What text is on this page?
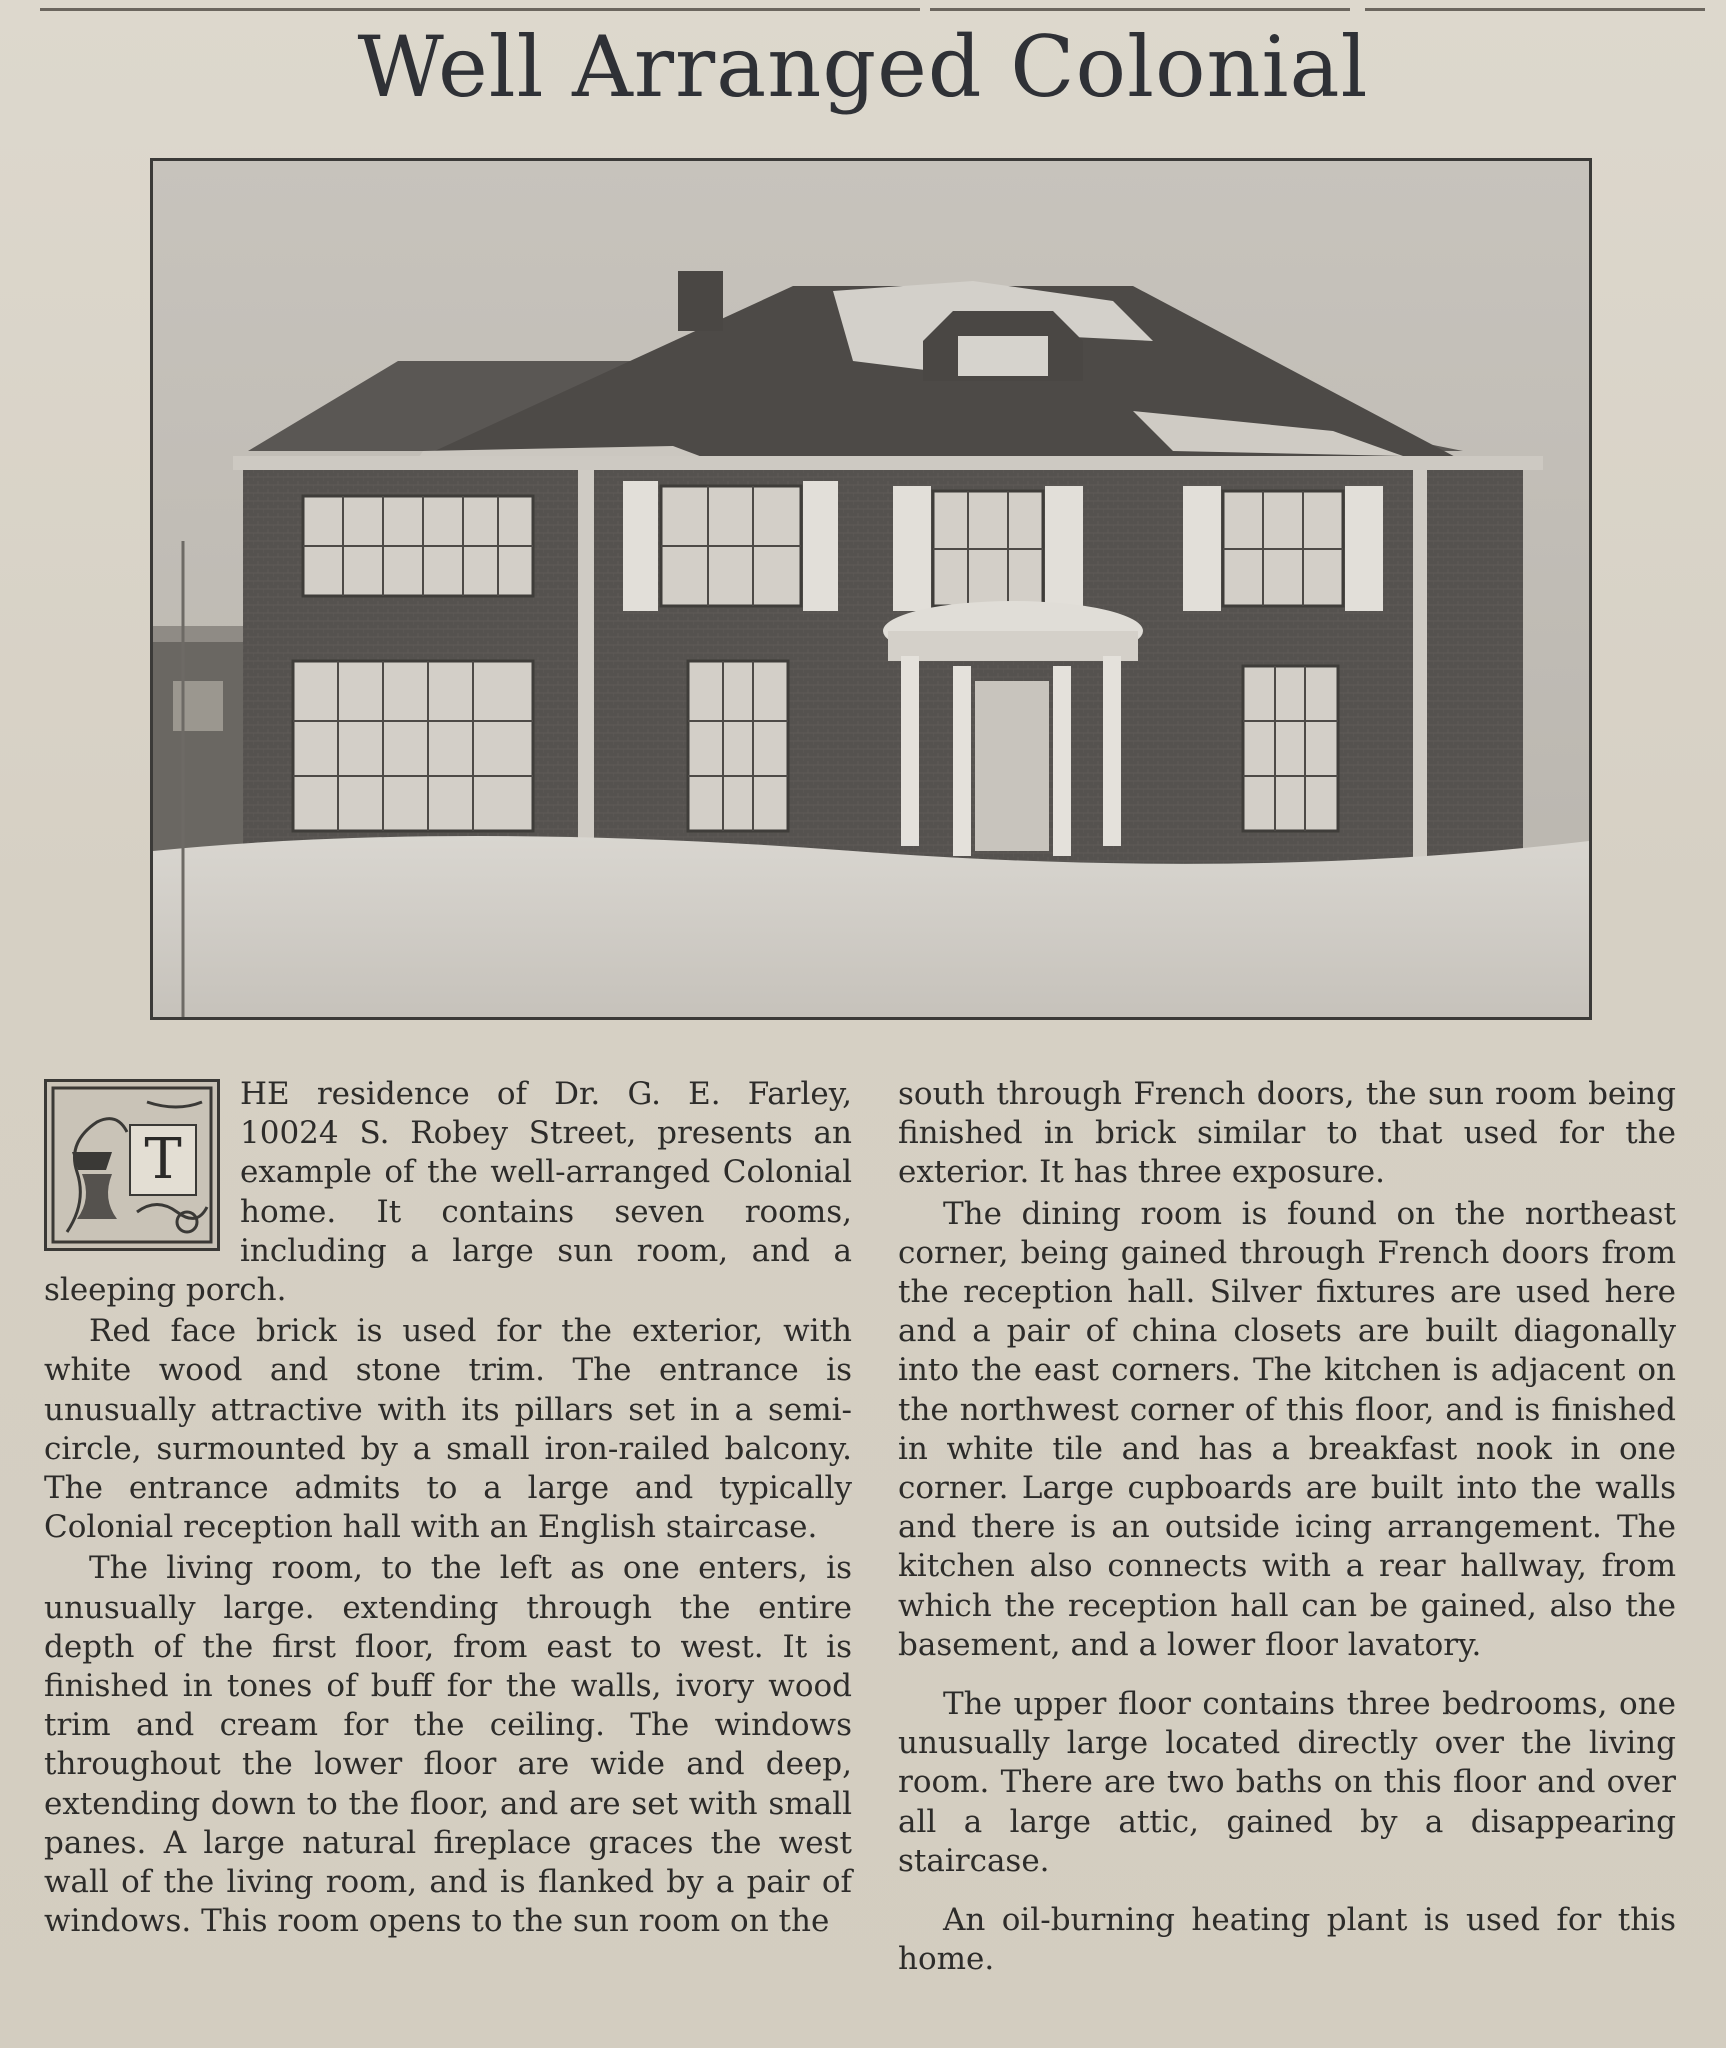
Well Arranged Colonial
T

HE residence of Dr. G. E. Farley, 10024 S. Robey Street, presents an example of the well-arranged Colonial home. It contains seven rooms, including a large sun room, and a sleeping porch.

Red face brick is used for the exterior, with white wood and stone trim. The entrance is unusually attractive with its pillars set in a semi-circle, surmounted by a small iron-railed balcony. The entrance admits to a large and typically Colonial reception hall with an English staircase.

The living room, to the left as one enters, is unusually large. extending through the entire depth of the first floor, from east to west. It is finished in tones of buff for the walls, ivory wood trim and cream for the ceiling. The windows throughout the lower floor are wide and deep, extending down to the floor, and are set with small panes. A large natural fireplace graces the west wall of the living room, and is flanked by a pair of windows. This room opens to the sun room on the

south through French doors, the sun room being finished in brick similar to that used for the exterior. It has three exposure.

The dining room is found on the northeast corner, being gained through French doors from the reception hall. Silver fixtures are used here and a pair of china closets are built diagonally into the east corners. The kitchen is adjacent on the northwest corner of this floor, and is finished in white tile and has a breakfast nook in one corner. Large cupboards are built into the walls and there is an outside icing arrangement. The kitchen also connects with a rear hallway, from which the reception hall can be gained, also the basement, and a lower floor lavatory.

The upper floor contains three bedrooms, one unusually large located directly over the living room. There are two baths on this floor and over all a large attic, gained by a disappearing staircase.

An oil-burning heating plant is used for this home.
